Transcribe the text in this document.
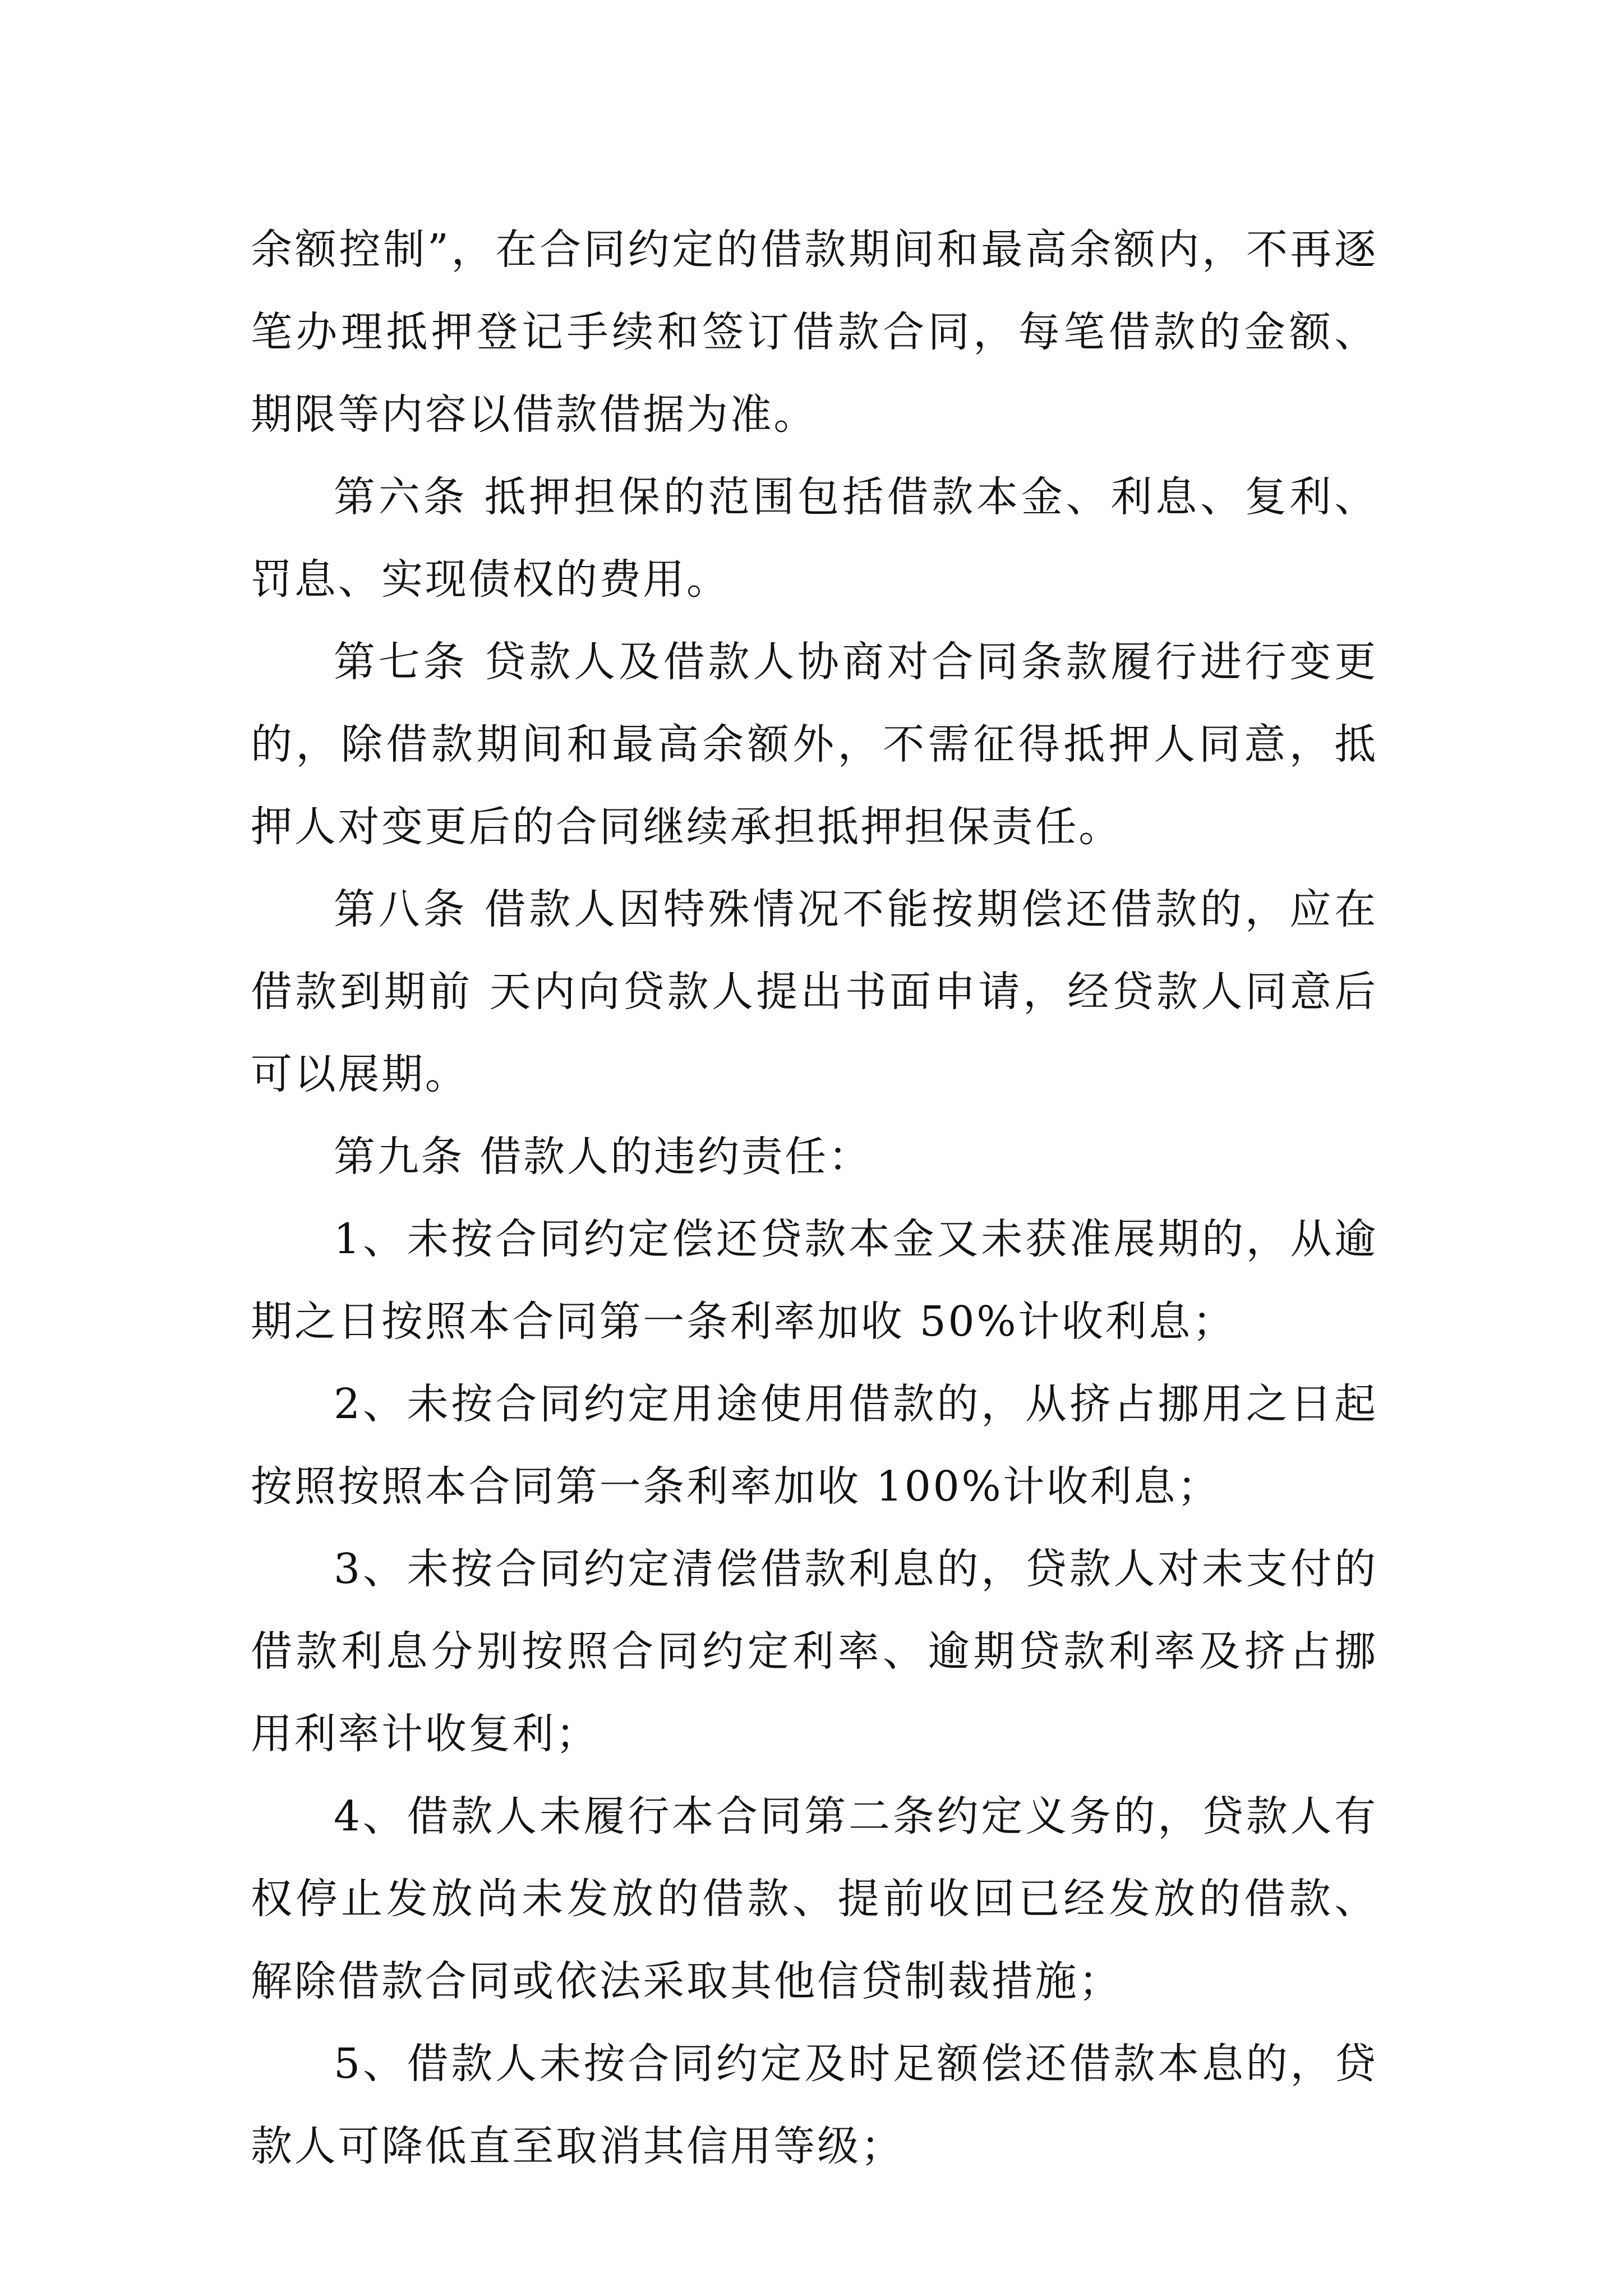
余额控制”，在合同约定的借款期间和最高余额内，不再逐笔办理抵押登记手续和签订借款合同，每笔借款的金额、期限等内容以借款借据为准。

第六条 抵押担保的范围包括借款本金、利息、复利、罚息、实现债权的费用。

第七条 贷款人及借款人协商对合同条款履行进行变更的，除借款期间和最高余额外，不需征得抵押人同意，抵押人对变更后的合同继续承担抵押担保责任。

第八条 借款人因特殊情况不能按期偿还借款的，应在借款到期前 天内向贷款人提出书面申请，经贷款人同意后可以展期。

第九条 借款人的违约责任：

1、未按合同约定偿还贷款本金又未获准展期的，从逾期之日按照本合同第一条利率加收 50%计收利息；

2、未按合同约定用途使用借款的，从挤占挪用之日起按照按照本合同第一条利率加收 100%计收利息；

3、未按合同约定清偿借款利息的，贷款人对未支付的借款利息分别按照合同约定利率、逾期贷款利率及挤占挪用利率计收复利；

4、借款人未履行本合同第二条约定义务的，贷款人有权停止发放尚未发放的借款、提前收回已经发放的借款、解除借款合同或依法采取其他信贷制裁措施；

5、借款人未按合同约定及时足额偿还借款本息的，贷款人可降低直至取消其信用等级；
